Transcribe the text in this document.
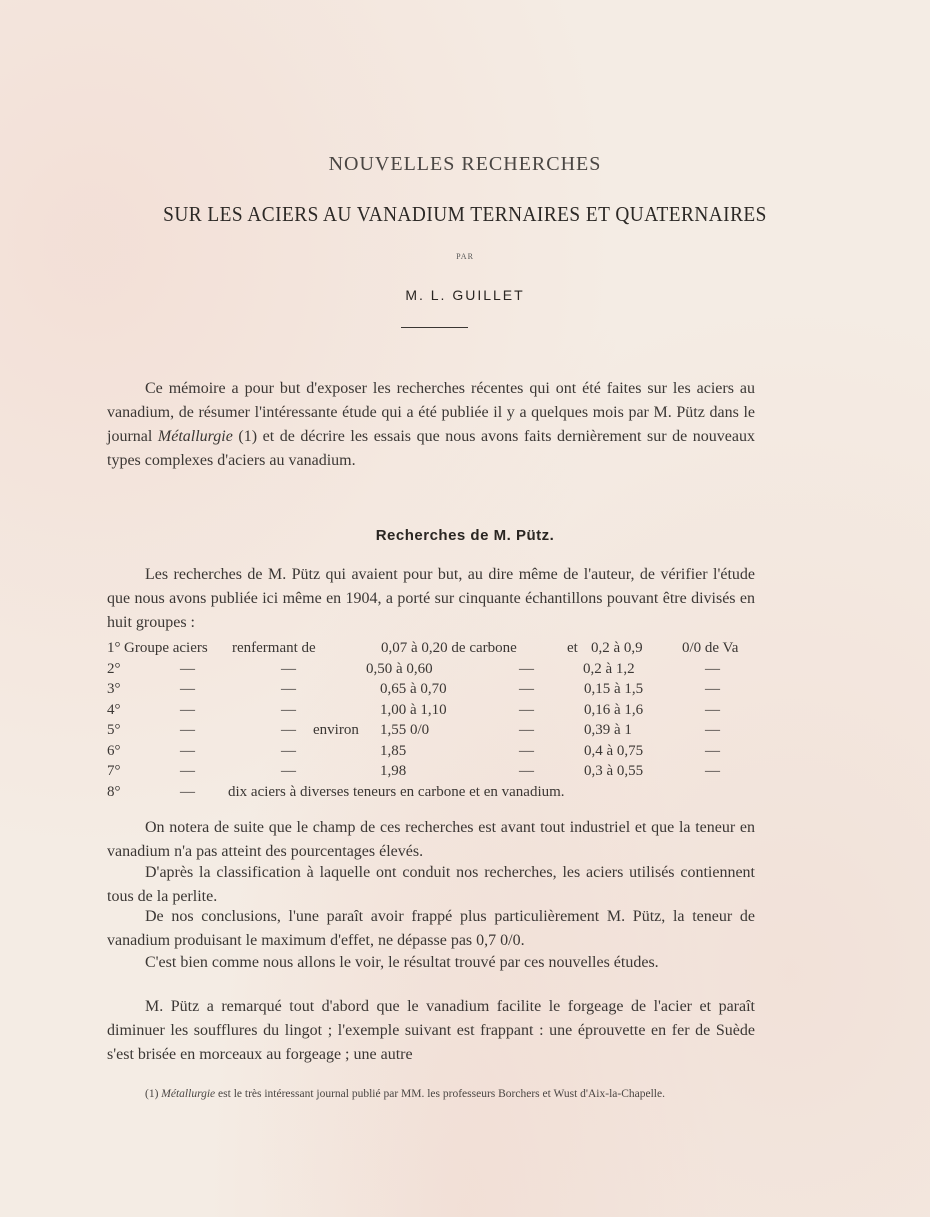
NOUVELLES RECHERCHES
SUR LES ACIERS AU VANADIUM TERNAIRES ET QUATERNAIRES
PAR
M. L. GUILLET

Ce mémoire a pour but d'exposer les recherches récentes qui ont été faites sur les aciers au vanadium, de résumer l'intéressante étude qui a été publiée il y a quelques mois par M. Pütz dans le journal Métallurgie (1) et de décrire les essais que nous avons faits dernièrement sur de nouveaux types complexes d'aciers au vanadium.

Recherches de M. Pütz.

Les recherches de M. Pütz qui avaient pour but, au dire même de l'auteur, de vérifier l'étude que nous avons publiée ici même en 1904, a porté sur cinquante échantillons pouvant être divisés en huit groupes :

1° Groupe aciers renfermant de	0,07 à 0,20 de carbone	et 0,2 à 0,9	0/0 de Va
2°	—	—	0,50 à 0,60	—	0,2 à 1,2	—
3°	—	—	0,65 à 0,70	—	0,15 à 1,5	—
4°	—	—	1,00 à 1,10	—	0,16 à 1,6	—
5°	—	— environ 1,55 0/0	—	0,39 à 1	—
6°	—	—	1,85	—	0,4 à 0,75	—
7°	—	—	1,98	—	0,3 à 0,55	—
8°	— dix aciers à diverses teneurs en carbone et en vanadium.

On notera de suite que le champ de ces recherches est avant tout industriel et que la teneur en vanadium n'a pas atteint des pourcentages élevés.

D'après la classification à laquelle ont conduit nos recherches, les aciers utilisés contiennent tous de la perlite.

De nos conclusions, l'une paraît avoir frappé plus particulièrement M. Pütz, la teneur de vanadium produisant le maximum d'effet, ne dépasse pas 0,7 0/0.

C'est bien comme nous allons le voir, le résultat trouvé par ces nouvelles études.

M. Pütz a remarqué tout d'abord que le vanadium facilite le forgeage de l'acier et paraît diminuer les soufflures du lingot ; l'exemple suivant est frappant : une éprouvette en fer de Suède s'est brisée en morceaux au forgeage ; une autre

(1) Métallurgie est le très intéressant journal publié par MM. les professeurs Borchers et Wust d'Aix-la-Chapelle.
